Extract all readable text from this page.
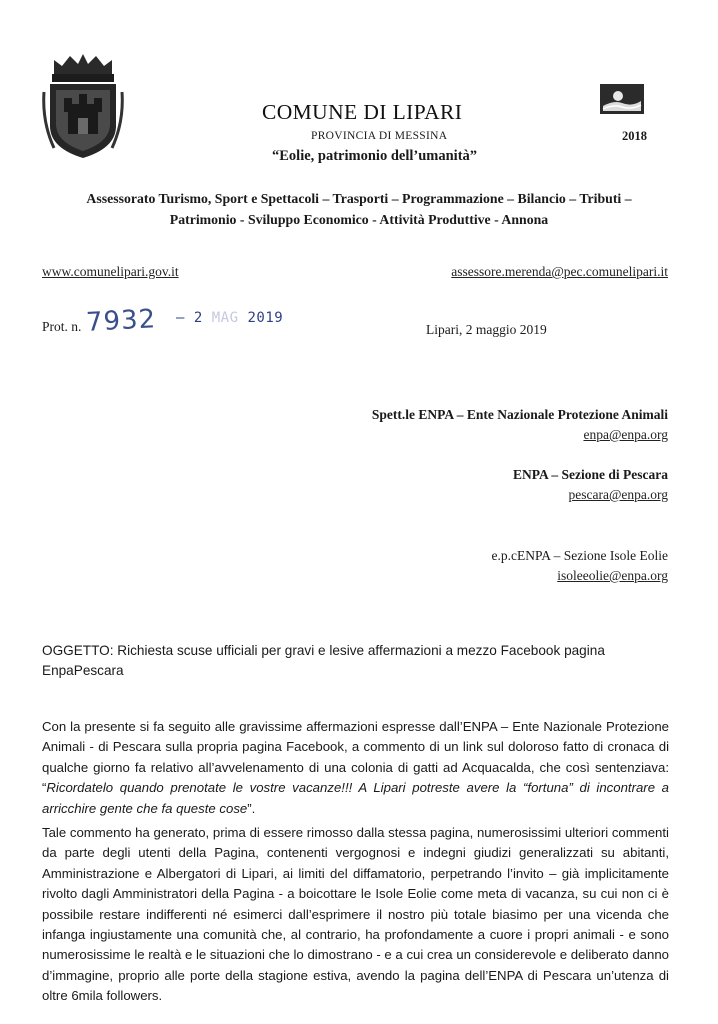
COMUNE DI LIPARI
PROVINCIA DI MESSINA	2018
“Eolie, patrimonio dell’umanità”
Assessorato Turismo, Sport e Spettacoli – Trasporti – Programmazione – Bilancio – Tributi –
Patrimonio - Sviluppo Economico - Attività Produttive - Annona
www.comunelipari.gov.it	assessore.merenda@pec.comunelipari.it
Prot. n. 7932 – 2 MAG 2019
Lipari, 2 maggio 2019
Spett.le ENPA – Ente Nazionale Protezione Animali
enpa@enpa.org
ENPA – Sezione di Pescara
pescara@enpa.org
e.p.cENPA – Sezione Isole Eolie
isoleeolie@enpa.org
OGGETTO: Richiesta scuse ufficiali per gravi e lesive affermazioni a mezzo Facebook pagina EnpaPescara
Con la presente si fa seguito alle gravissime affermazioni espresse dall’ENPA – Ente Nazionale Protezione Animali - di Pescara sulla propria pagina Facebook, a commento di un link sul doloroso fatto di cronaca di qualche giorno fa relativo all’avvelenamento di una colonia di gatti ad Acquacalda, che così sentenziava: “Ricordatelo quando prenotate le vostre vacanze!!! A Lipari potreste avere la “fortuna” di incontrare a arricchire gente che fa queste cose”.
Tale commento ha generato, prima di essere rimosso dalla stessa pagina, numerosissimi ulteriori commenti da parte degli utenti della Pagina, contenenti vergognosi e indegni giudizi generalizzati su abitanti, Amministrazione e Albergatori di Lipari, ai limiti del diffamatorio, perpetrando l’invito – già implicitamente rivolto dagli Amministratori della Pagina - a boicottare le Isole Eolie come meta di vacanza, su cui non ci è possibile restare indifferenti né esimerci dall’esprimere il nostro più totale biasimo per una vicenda che infanga ingiustamente una comunità che, al contrario, ha profondamente a cuore i propri animali - e sono numerosissime le realtà e le situazioni che lo dimostrano - e a cui crea un considerevole e deliberato danno d’immagine, proprio alle porte della stagione estiva, avendo la pagina dell’ENPA di Pescara un’utenza di oltre 6mila followers.
